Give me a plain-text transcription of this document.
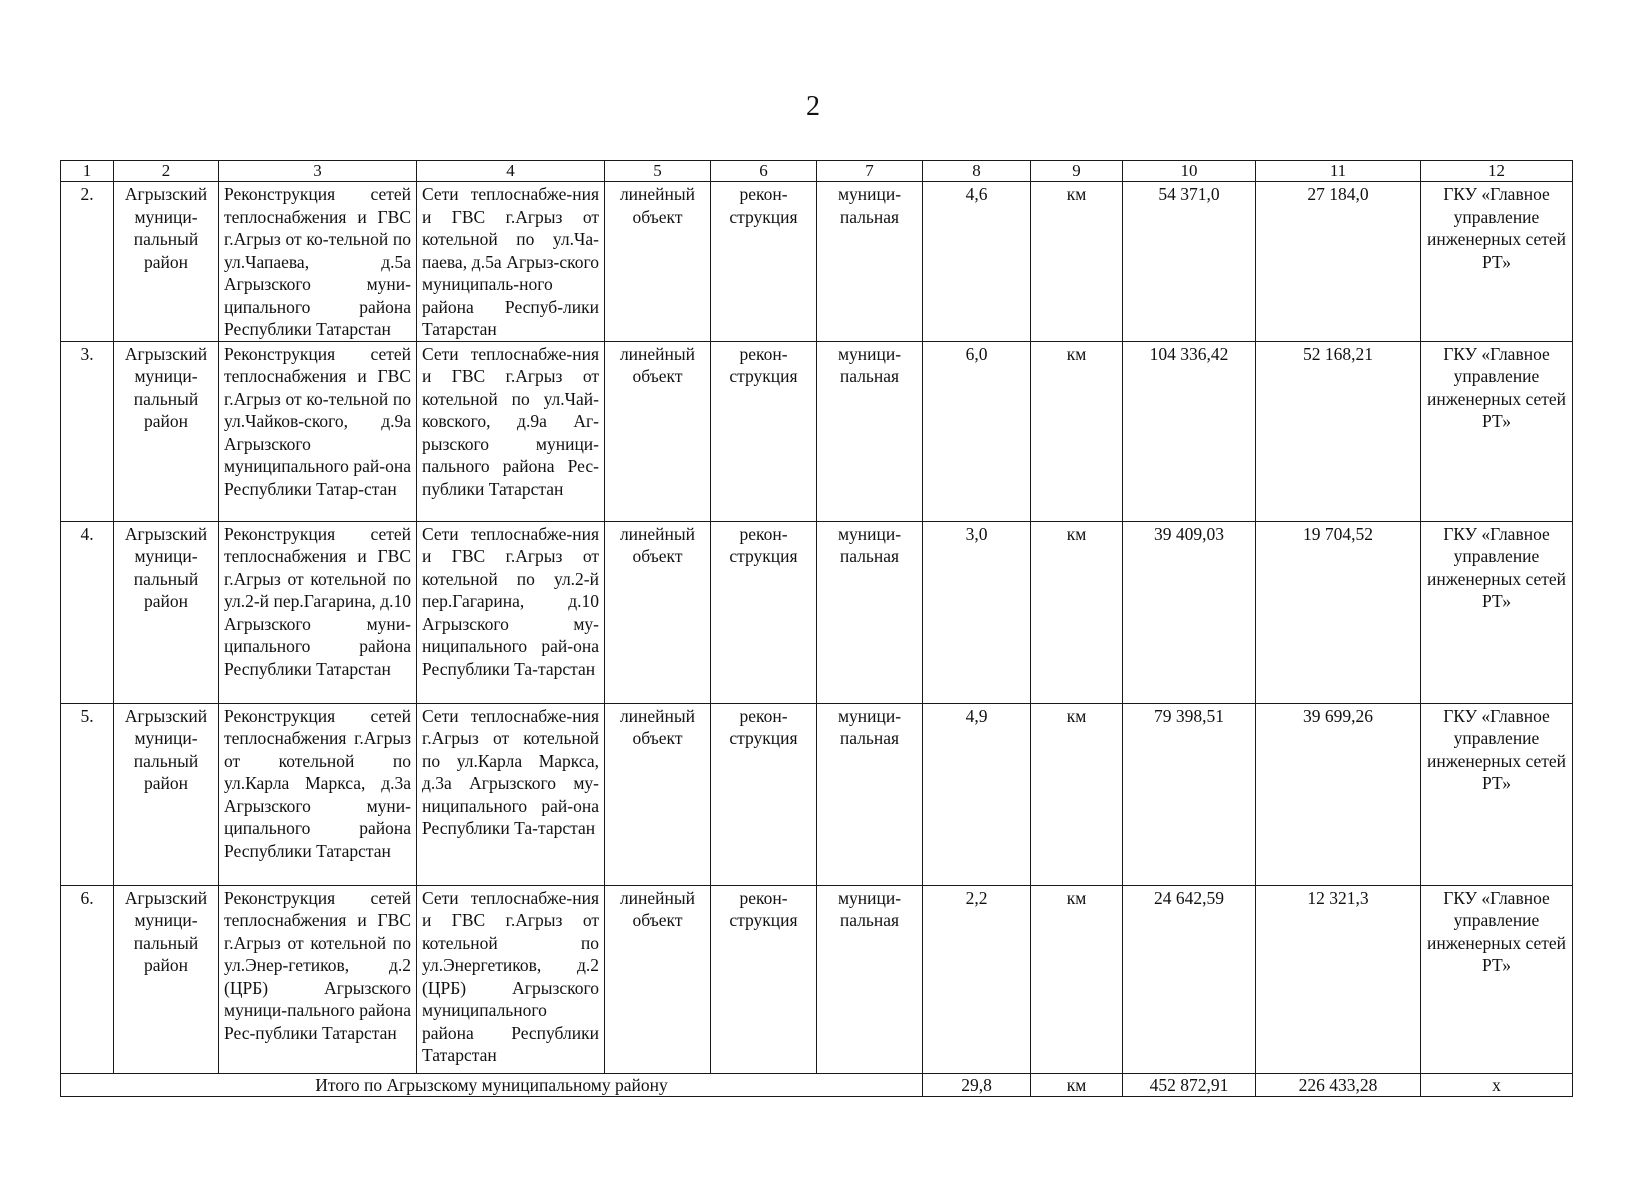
2
1	2	3	4	5	6	7	8	9	10	11	12
2.	Агрызский муници-пальный район	Реконструкция сетей теплоснабжения и ГВС г.Агрыз от ко-тельной по ул.Чапаева, д.5а Агрызского муни-ципального района Республики Татарстан	Сети теплоснабже-ния и ГВС г.Агрыз от котельной по ул.Ча-паева, д.5а Агрыз-ского муниципаль-ного района Респуб-лики Татарстан	линейный объект	рекон-струкция	муници-пальная	4,6	км	54 371,0	27 184,0	ГКУ «Главное управление инженерных сетей РТ»
3.	Агрызский муници-пальный район	Реконструкция сетей теплоснабжения и ГВС г.Агрыз от ко-тельной по ул.Чайков-ского, д.9а Агрызского муниципального рай-она Республики Татар-стан	Сети теплоснабже-ния и ГВС г.Агрыз от котельной по ул.Чай-ковского, д.9а Аг-рызского муници-пального района Рес-публики Татарстан	линейный объект	рекон-струкция	муници-пальная	6,0	км	104 336,42	52 168,21	ГКУ «Главное управление инженерных сетей РТ»
4.	Агрызский муници-пальный район	Реконструкция сетей теплоснабжения и ГВС г.Агрыз от котельной по ул.2-й пер.Гагарина, д.10 Агрызского муни-ципального района Республики Татарстан	Сети теплоснабже-ния и ГВС г.Агрыз от котельной по ул.2-й пер.Гагарина, д.10 Агрызского му-ниципального рай-она Республики Та-тарстан	линейный объект	рекон-струкция	муници-пальная	3,0	км	39 409,03	19 704,52	ГКУ «Главное управление инженерных сетей РТ»
5.	Агрызский муници-пальный район	Реконструкция сетей теплоснабжения г.Агрыз от котельной по ул.Карла Маркса, д.3а Агрызского муни-ципального района Республики Татарстан	Сети теплоснабже-ния г.Агрыз от котельной по ул.Карла Маркса, д.3а Агрызского му-ниципального рай-она Республики Та-тарстан	линейный объект	рекон-струкция	муници-пальная	4,9	км	79 398,51	39 699,26	ГКУ «Главное управление инженерных сетей РТ»
6.	Агрызский муници-пальный район	Реконструкция сетей теплоснабжения и ГВС г.Агрыз от котельной по ул.Энер-гетиков, д.2 (ЦРБ) Агрызского муници-пального района Рес-публики Татарстан	Сети теплоснабже-ния и ГВС г.Агрыз от котельной по ул.Энергетиков, д.2 (ЦРБ) Агрызского муниципального района Республики Татарстан	линейный объект	рекон-струкция	муници-пальная	2,2	км	24 642,59	12 321,3	ГКУ «Главное управление инженерных сетей РТ»
Итого по Агрызскому муниципальному району							29,8	км	452 872,91	226 433,28	х
